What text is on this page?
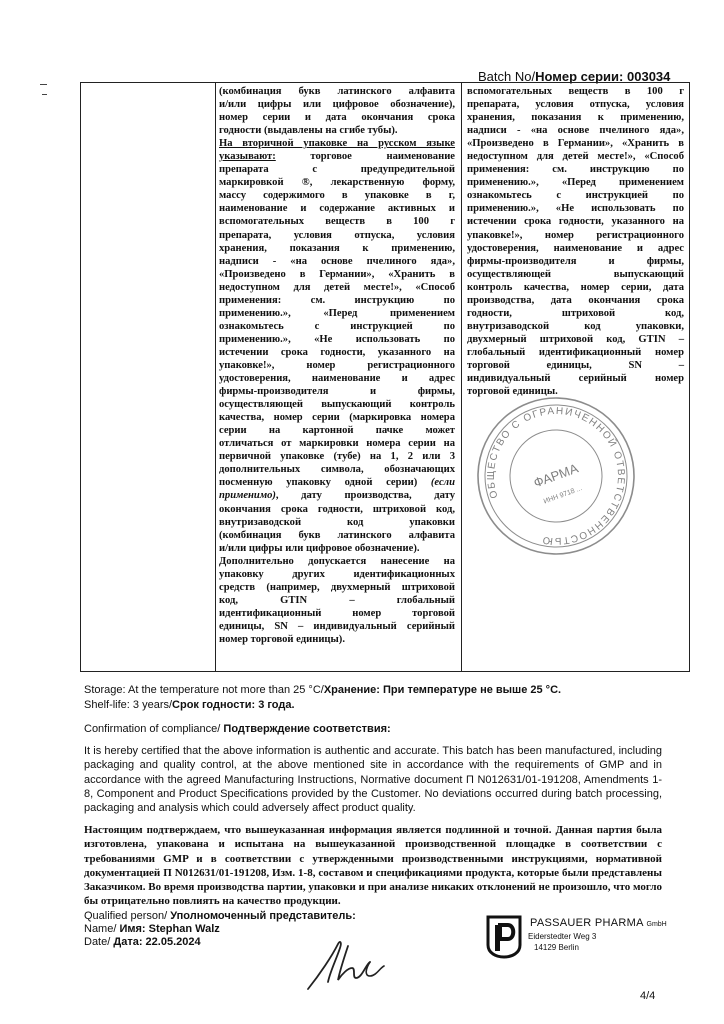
Batch No/Номер серии: 003034

(комбинация букв латинского алфавита

и/или цифры или цифровое обозначение),

номер серии и дата окончания срока

годности (выдавлены на сгибе тубы).

На вторичной упаковке на русском языке

указывают: торговое наименование

препарата с предупредительной

маркировкой ®, лекарственную форму,

массу содержимого в упаковке в г,

наименование и содержание активных и

вспомогательных веществ в 100 г

препарата, условия отпуска, условия

хранения, показания к применению,

надписи - «на основе пчелиного яда»,

«Произведено в Германии», «Хранить в

недоступном для детей месте!», «Способ

применения: см. инструкцию по

применению.», «Перед применением

ознакомьтесь с инструкцией по

применению.», «Не использовать по

истечении срока годности, указанного на

упаковке!», номер регистрационного

удостоверения, наименование и адрес

фирмы-производителя и фирмы,

осуществляющей выпускающий контроль

качества, номер серии (маркировка номера

серии на картонной пачке может

отличаться от маркировки номера серии на

первичной упаковке (тубе) на 1, 2 или 3

дополнительных символа, обозначающих

посменную упаковку одной серии) (если

применимо), дату производства, дату

окончания срока годности, штриховой код,

внутризаводской код упаковки

(комбинация букв латинского алфавита

и/или цифры или цифровое обозначение).

Дополнительно допускается нанесение на

упаковку других идентификационных

средств (например, двухмерный штриховой

код, GTIN – глобальный

идентификационный номер торговой

единицы, SN – индивидуальный серийный

номер торговой единицы).

вспомогательных веществ в 100 г

препарата, условия отпуска, условия

хранения, показания к применению,

надписи - «на основе пчелиного яда»,

«Произведено в Германии», «Хранить в

недоступном для детей месте!», «Способ

применения: см. инструкцию по

применению.», «Перед применением

ознакомьтесь с инструкцией по

применению.», «Не использовать по

истечении срока годности, указанного на

упаковке!», номер регистрационного

удостоверения, наименование и адрес

фирмы-производителя и фирмы,

осуществляющей выпускающий

контроль качества, номер серии, дата

производства, дата окончания срока

годности, штриховой код,

внутризаводской код упаковки,

двухмерный штриховой код, GTIN –

глобальный идентификационный номер

торговой единицы, SN –

индивидуальный серийный номер

торговой единицы.

ОБЩЕСТВО С ОГРАНИЧЕННОЙ ОТВЕТСТВЕННОСТЬЮ
ФАРМА
ИНН 9718 ...
Storage: At the temperature not more than 25 °C/Хранение: При температуре не выше 25 °С.
Shelf-life: 3 years/Срок годности: 3 года.

Confirmation of compliance/ Подтверждение соответствия:

It is hereby certified that the above information is authentic and accurate. This batch has been manufactured, including packaging and quality control, at the above mentioned site in accordance with the requirements of GMP and in accordance with the agreed Manufacturing Instructions, Normative document П N012631/01-191208, Amendments 1-8, Component and Product Specifications provided by the Customer. No deviations occurred during batch processing, packaging and analysis which could adversely affect product quality.

Настоящим подтверждаем, что вышеуказанная информация является подлинной и точной. Данная партия была изготовлена, упакована и испытана на вышеуказанной производственной площадке в соответствии с требованиями GMP и в соответствии с утвержденными производственными инструкциями, нормативной документацией П N012631/01-191208, Изм. 1-8, составом и спецификациями продукта, которые были представлены Заказчиком. Во время производства партии, упаковки и при анализе никаких отклонений не произошло, что могло бы отрицательно повлиять на качество продукции.

Qualified person/ Уполномоченный представитель:
Name/ Имя: Stephan Walz
Date/ Дата: 22.05.2024
PASSAUER PHARMA GmbH
Eiderstedter Weg 3
14129 Berlin
4/4
